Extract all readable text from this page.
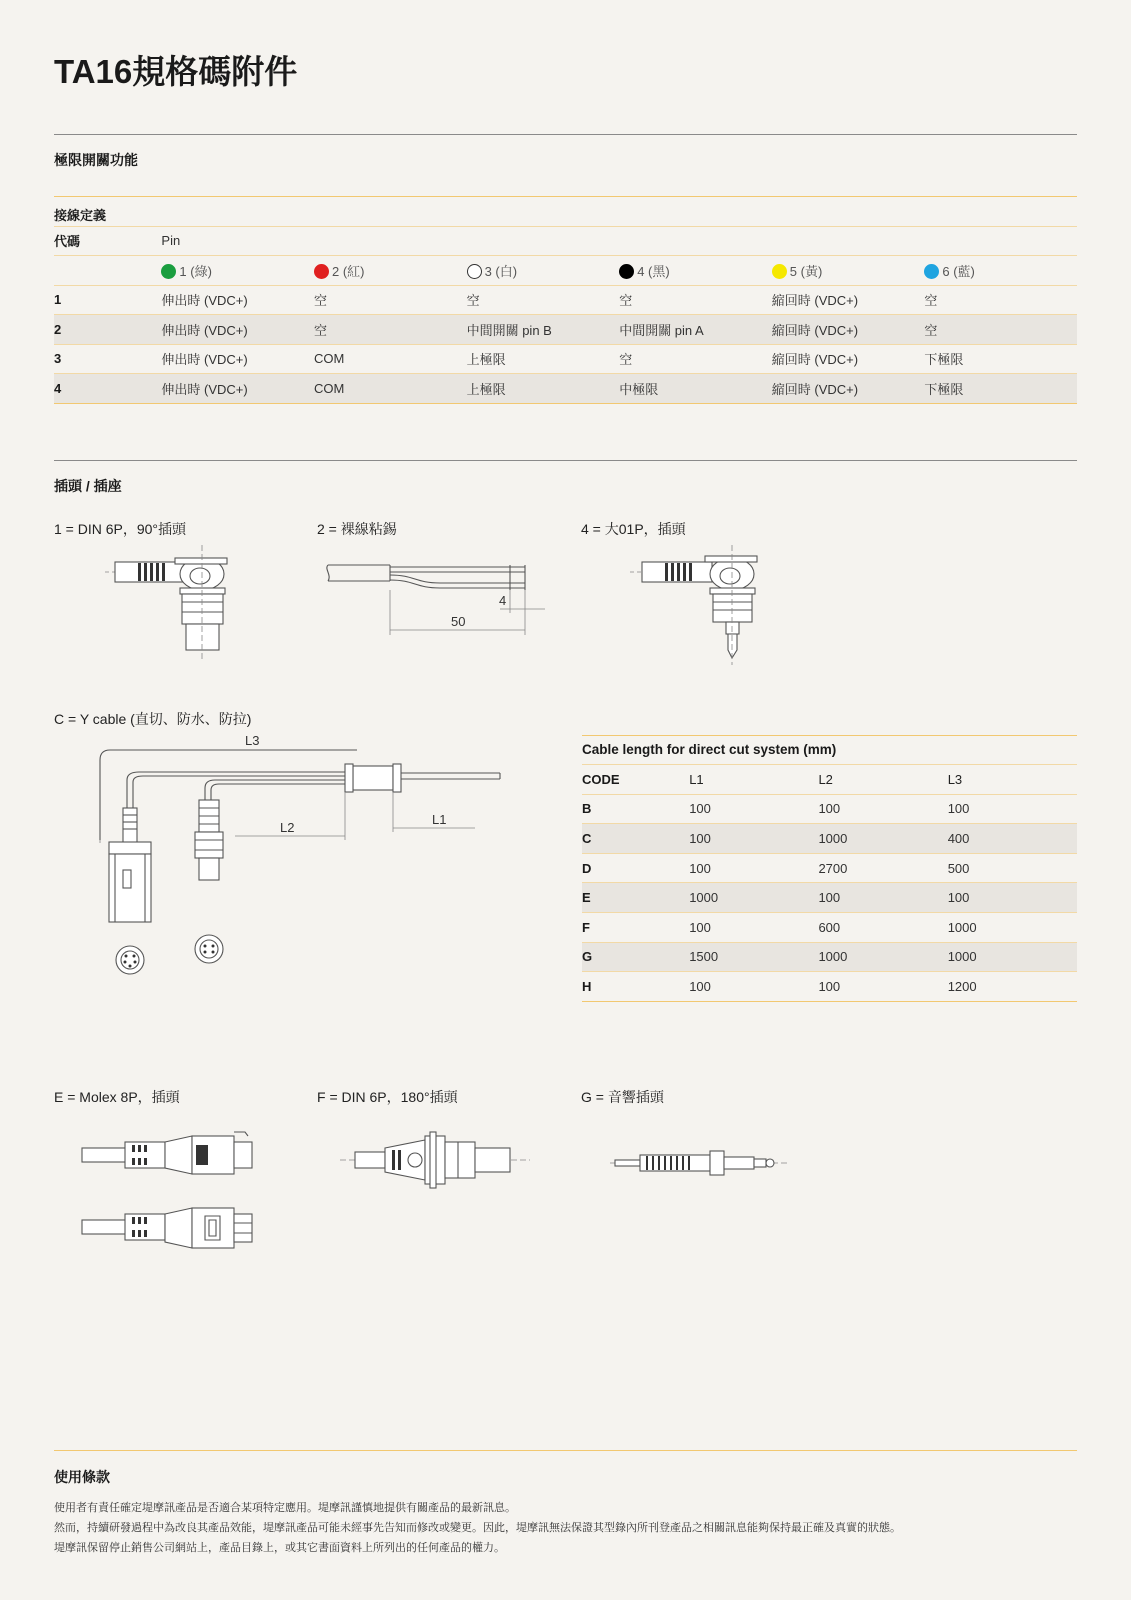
TA16規格碼附件
極限開關功能
接線定義
代碼	Pin					
	1 (綠)	2 (紅)	3 (白)	4 (黑)	5 (黃)	6 (藍)
1	伸出時 (VDC+)	空	空	空	縮回時 (VDC+)	空
2	伸出時 (VDC+)	空	中間開關 pin B	中間開關 pin A	縮回時 (VDC+)	空
3	伸出時 (VDC+)	COM	上極限	空	縮回時 (VDC+)	下極限
4	伸出時 (VDC+)	COM	上極限	中極限	縮回時 (VDC+)	下極限
插頭 / 插座
1 = DIN 6P，90°插頭	2 = 裸線粘錫	4 = 大01P，插頭
50
4
C = Y cable (直切、防水、防拉)
L3
L1
L2
Cable length for direct cut system (mm)			
CODE	L1	L2	L3
B	100	100	100
C	100	1000	400
D	100	2700	500
E	1000	100	100
F	100	600	1000
G	1500	1000	1000
H	100	100	1200
E = Molex 8P，插頭	F = DIN 6P，180°插頭	G = 音響插頭
使用條款
使用者有責任確定堤摩訊產品是否適合某項特定應用。堤摩訊謹慎地提供有關產品的最新訊息。
然而，持續研發過程中為改良其產品效能，堤摩訊產品可能未經事先告知而修改或變更。因此，堤摩訊無法保證其型錄內所刊登產品之相關訊息能夠保持最正確及真實的狀態。
堤摩訊保留停止銷售公司網站上，產品目錄上，或其它書面資料上所列出的任何產品的權力。
